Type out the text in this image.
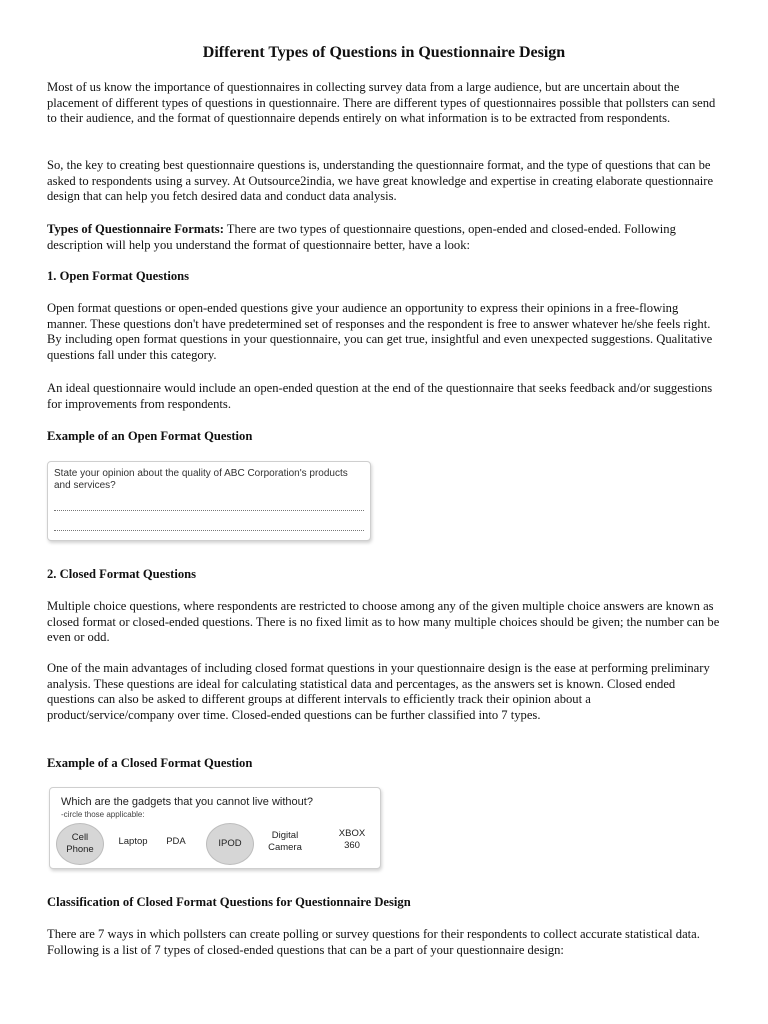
Different Types of Questions in Questionnaire Design

Most of us know the importance of questionnaires in collecting survey data from a large audience, but are uncertain about the placement of different types of questions in questionnaire. There are different types of questionnaires possible that pollsters can send to their audience, and the format of questionnaire depends entirely on what information is to be extracted from respondents.

So, the key to creating best questionnaire questions is, understanding the questionnaire format, and the type of questions that can be asked to respondents using a survey. At Outsource2india, we have great knowledge and expertise in creating elaborate questionnaire design that can help you fetch desired data and conduct data analysis.

Types of Questionnaire Formats: There are two types of questionnaire questions, open-ended and closed-ended. Following description will help you understand the format of questionnaire better, have a look:

1. Open Format Questions

Open format questions or open-ended questions give your audience an opportunity to express their opinions in a free-flowing manner. These questions don't have predetermined set of responses and the respondent is free to answer whatever he/she feels right. By including open format questions in your questionnaire, you can get true, insightful and even unexpected suggestions. Qualitative questions fall under this category.

An ideal questionnaire would include an open-ended question at the end of the questionnaire that seeks feedback and/or suggestions for improvements from respondents.

Example of an Open Format Question
State your opinion about the quality of ABC Corporation's products and services?
2. Closed Format Questions

Multiple choice questions, where respondents are restricted to choose among any of the given multiple choice answers are known as closed format or closed-ended questions. There is no fixed limit as to how many multiple choices should be given; the number can be even or odd.

One of the main advantages of including closed format questions in your questionnaire design is the ease at performing preliminary analysis. These questions are ideal for calculating statistical data and percentages, as the answers set is known. Closed ended questions can also be asked to different groups at different intervals to efficiently track their opinion about a product/service/company over time. Closed-ended questions can be further classified into 7 types.

Example of a Closed Format Question
Which are the gadgets that you cannot live without?
-circle those applicable:
Cell
Phone
Laptop	PDA	IPOD
Digital
Camera
XBOX
360
Classification of Closed Format Questions for Questionnaire Design

There are 7 ways in which pollsters can create polling or survey questions for their respondents to collect accurate statistical data. Following is a list of 7 types of closed-ended questions that can be a part of your questionnaire design:
